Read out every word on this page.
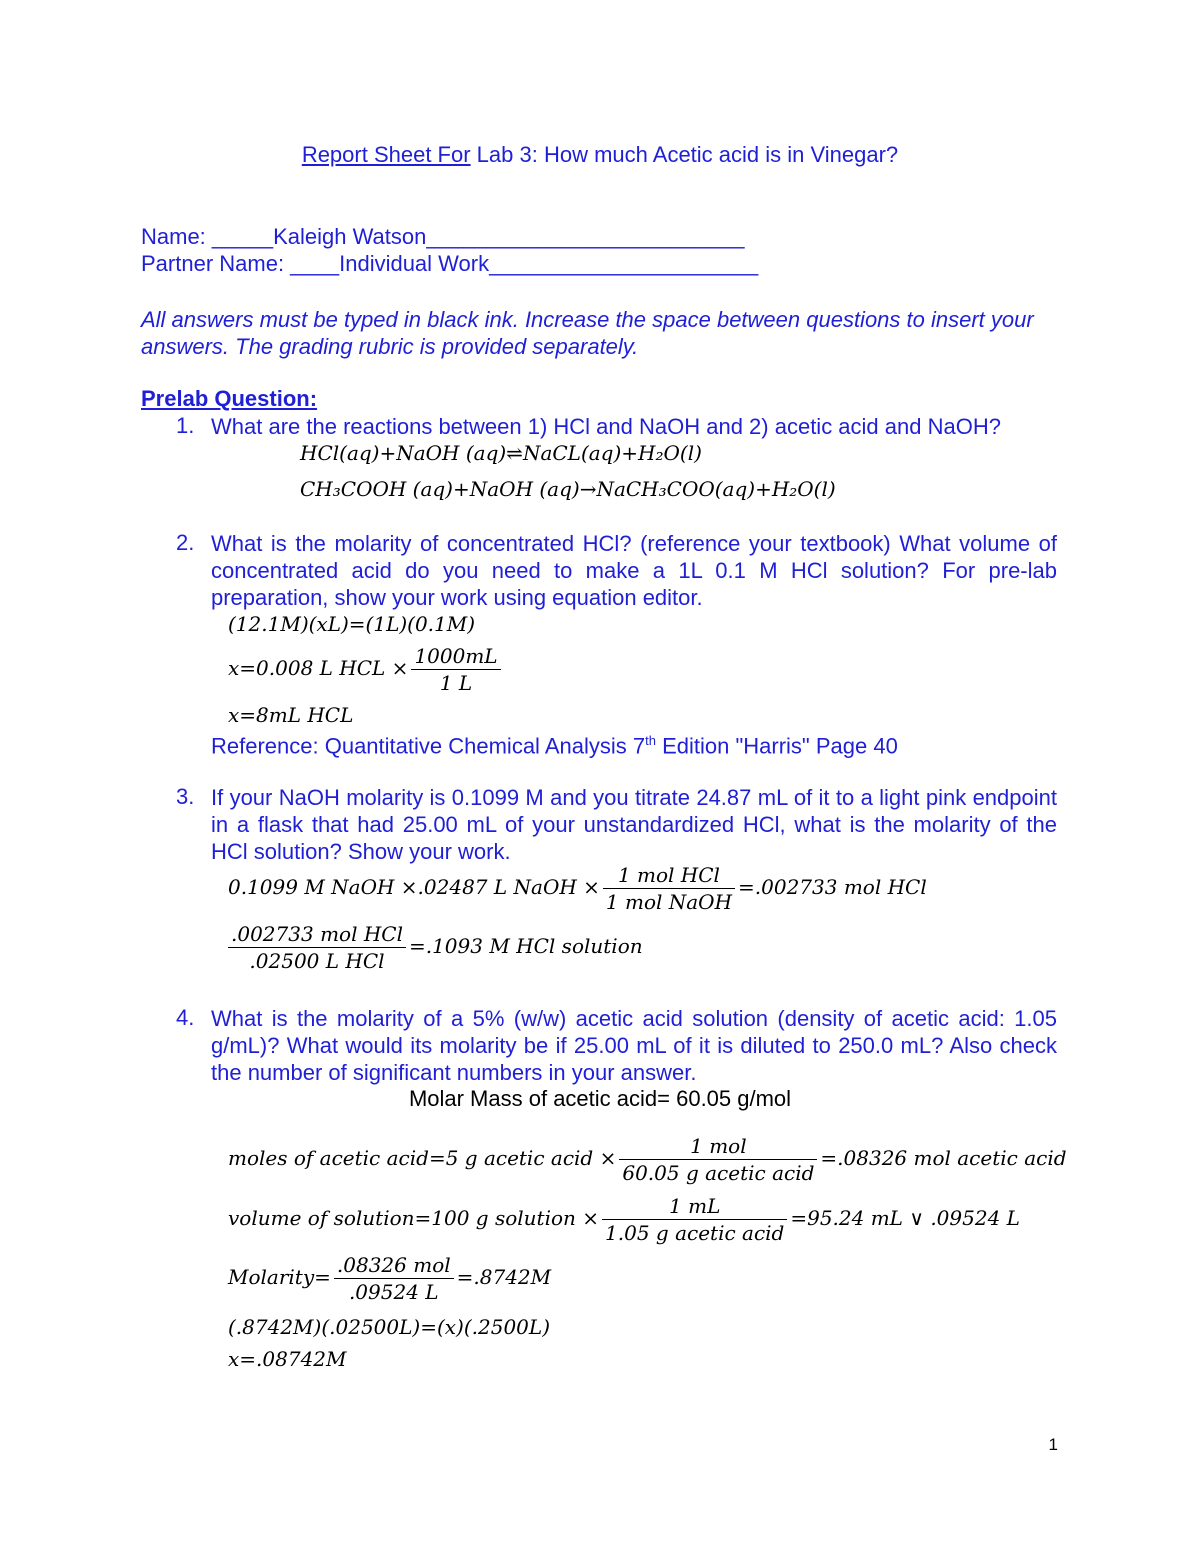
Report Sheet For Lab 3: How much Acetic acid is in Vinegar?
Name: _____Kaleigh Watson__________________________
Partner Name: ____Individual Work______________________
All answers must be typed in black ink. Increase the space between questions to insert your answers. The grading rubric is provided separately.
Prelab Question:
1. What are the reactions between 1) HCl and NaOH and 2) acetic acid and NaOH?
HCl(aq)+NaOH (aq)⇌NaCL(aq)+H₂O(l)
CH₃COOH (aq)+NaOH (aq)→NaCH₃COO(aq)+H₂O(l)
2. What is the molarity of concentrated HCl? (reference your textbook) What volume of concentrated acid do you need to make a 1L 0.1 M HCl solution? For pre-lab preparation, show your work using equation editor.
(12.1M)(xL)=(1L)(0.1M)
x=0.008 L HCL × $\frac{1000mL}{1 L}$
x=8mL HCL
Reference: Quantitative Chemical Analysis 7th Edition "Harris" Page 40
3. If your NaOH molarity is 0.1099 M and you titrate 24.87 mL of it to a light pink endpoint in a flask that had 25.00 mL of your unstandardized HCl, what is the molarity of the HCl solution? Show your work.
0.1099 M NaOH ×.02487 L NaOH × $\frac{\text{1 mol HCl}}{\text{1 mol NaOH}} =.002733$ mol HCl
$\frac{\text{.002733 mol HCl}}{\text{.02500 L HCl}} =.1093$ M HCl solution
4. What is the molarity of a 5% (w/w) acetic acid solution (density of acetic acid: 1.05 g/mL)? What would its molarity be if 25.00 mL of it is diluted to 250.0 mL? Also check the number of significant numbers in your answer.
Molar Mass of acetic acid= 60.05 g/mol
moles of acetic acid=5 g acetic acid × $\frac{\text{1 mol}}{\text{60.05 g acetic acid}} =.08326$ mol acetic acid
volume of solution=100 g solution × $\frac{1 mL}{\text{1.05 g acetic acid}} =95.24$ mL ∨ .09524 L
Molarity= $\frac{\text{.08326 mol}}{.09524 L} =.8742M$
(.8742M)(.02500L)=(x)(.2500L)
x=.08742M
1
